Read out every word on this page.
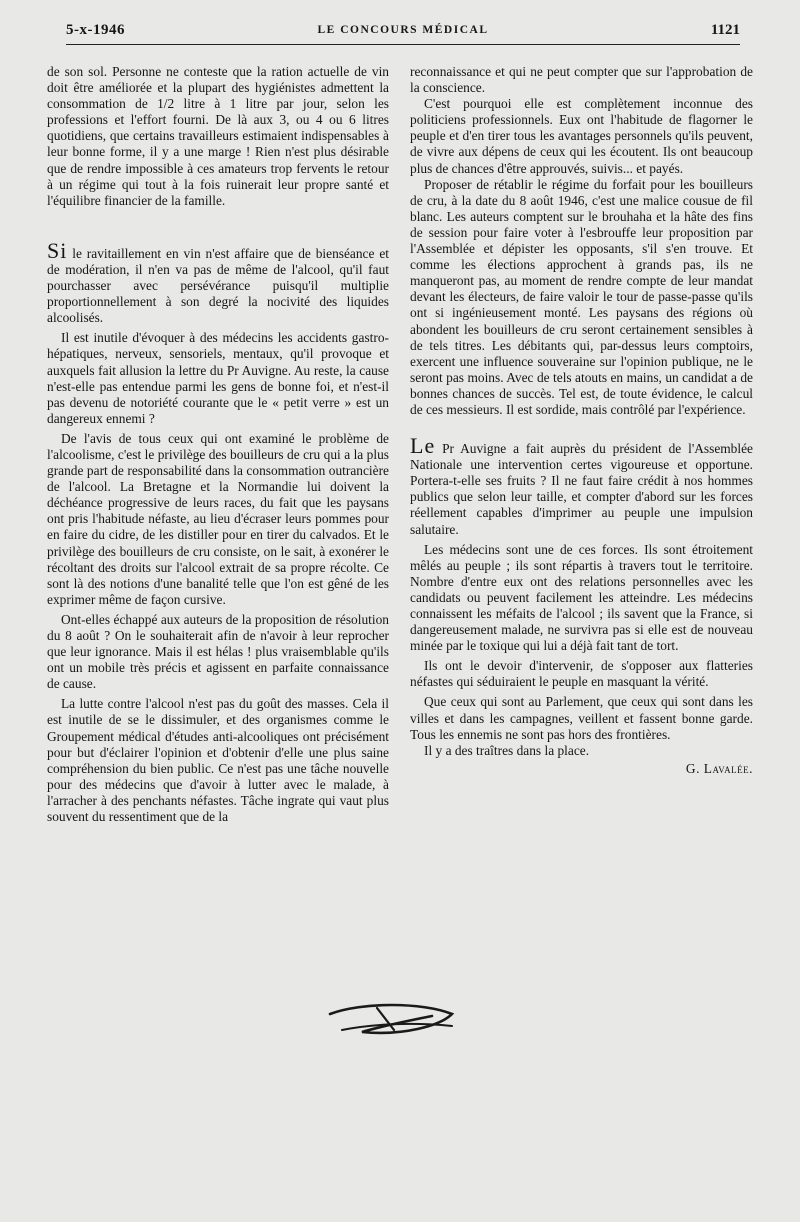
5-x-1946	LE CONCOURS MÉDICAL	1121

de son sol. Personne ne conteste que la ration actuelle de vin doit être améliorée et la plupart des hygiénistes admettent la consommation de 1/2 litre à 1 litre par jour, selon les professions et l'effort fourni. De là aux 3, ou 4 ou 6 litres quotidiens, que certains travailleurs estimaient indispensables à leur bonne forme, il y a une marge ! Rien n'est plus désirable que de rendre impossible à ces amateurs trop fervents le retour à un régime qui tout à la fois ruinerait leur propre santé et l'équilibre financier de la famille.

Si le ravitaillement en vin n'est affaire que de bienséance et de modération, il n'en va pas de même de l'alcool, qu'il faut pourchasser avec persévérance puisqu'il multiplie proportionnellement à son degré la nocivité des liquides alcoolisés.

Il est inutile d'évoquer à des médecins les accidents gastro-hépatiques, nerveux, sensoriels, mentaux, qu'il provoque et auxquels fait allusion la lettre du Pr Auvigne. Au reste, la cause n'est-elle pas entendue parmi les gens de bonne foi, et n'est-il pas devenu de notoriété courante que le « petit verre » est un dangereux ennemi ?

De l'avis de tous ceux qui ont examiné le problème de l'alcoolisme, c'est le privilège des bouilleurs de cru qui a la plus grande part de responsabilité dans la consommation outrancière de l'alcool. La Bretagne et la Normandie lui doivent la déchéance progressive de leurs races, du fait que les paysans ont pris l'habitude néfaste, au lieu d'écraser leurs pommes pour en faire du cidre, de les distiller pour en tirer du calvados. Et le privilège des bouilleurs de cru consiste, on le sait, à exonérer le récoltant des droits sur l'alcool extrait de sa propre récolte. Ce sont là des notions d'une banalité telle que l'on est gêné de les exprimer même de façon cursive.

Ont-elles échappé aux auteurs de la proposition de résolution du 8 août ? On le souhaiterait afin de n'avoir à leur reprocher que leur ignorance. Mais il est hélas ! plus vraisemblable qu'ils ont un mobile très précis et agissent en parfaite connaissance de cause.

La lutte contre l'alcool n'est pas du goût des masses. Cela il est inutile de se le dissimuler, et des organismes comme le Groupement médical d'études anti-alcooliques ont précisément pour but d'éclairer l'opinion et d'obtenir d'elle une plus saine compréhension du bien public. Ce n'est pas une tâche nouvelle pour des médecins que d'avoir à lutter avec le malade, à l'arracher à des penchants néfastes. Tâche ingrate qui vaut plus souvent du ressentiment que de la

reconnaissance et qui ne peut compter que sur l'approbation de la conscience.

C'est pourquoi elle est complètement inconnue des politiciens professionnels. Eux ont l'habitude de flagorner le peuple et d'en tirer tous les avantages personnels qu'ils peuvent, de vivre aux dépens de ceux qui les écoutent. Ils ont beaucoup plus de chances d'être approuvés, suivis... et payés.

Proposer de rétablir le régime du forfait pour les bouilleurs de cru, à la date du 8 août 1946, c'est une malice cousue de fil blanc. Les auteurs comptent sur le brouhaha et la hâte des fins de session pour faire voter à l'esbrouffe leur proposition par l'Assemblée et dépister les opposants, s'il s'en trouve. Et comme les élections approchent à grands pas, ils ne manqueront pas, au moment de rendre compte de leur mandat devant les électeurs, de faire valoir le tour de passe-passe qu'ils ont si ingénieusement monté. Les paysans des régions où abondent les bouilleurs de cru seront certainement sensibles à de tels titres. Les débitants qui, par-dessus leurs comptoirs, exercent une influence souveraine sur l'opinion publique, ne le seront pas moins. Avec de tels atouts en mains, un candidat a de bonnes chances de succès. Tel est, de toute évidence, le calcul de ces messieurs. Il est sordide, mais contrôlé par l'expérience.

Le Pr Auvigne a fait auprès du président de l'Assemblée Nationale une intervention certes vigoureuse et opportune. Portera-t-elle ses fruits ? Il ne faut faire crédit à nos hommes publics que selon leur taille, et compter d'abord sur les forces réellement capables d'imprimer au peuple une impulsion salutaire.

Les médecins sont une de ces forces. Ils sont étroitement mêlés au peuple ; ils sont répartis à travers tout le territoire. Nombre d'entre eux ont des relations personnelles avec les candidats ou peuvent facilement les atteindre. Les médecins connaissent les méfaits de l'alcool ; ils savent que la France, si dangereusement malade, ne survivra pas si elle est de nouveau minée par le toxique qui lui a déjà fait tant de tort.

Ils ont le devoir d'intervenir, de s'opposer aux flatteries néfastes qui séduiraient le peuple en masquant la vérité.

Que ceux qui sont au Parlement, que ceux qui sont dans les villes et dans les campagnes, veillent et fassent bonne garde. Tous les ennemis ne sont pas hors des frontières.

Il y a des traîtres dans la place.

G. Lavalée.
